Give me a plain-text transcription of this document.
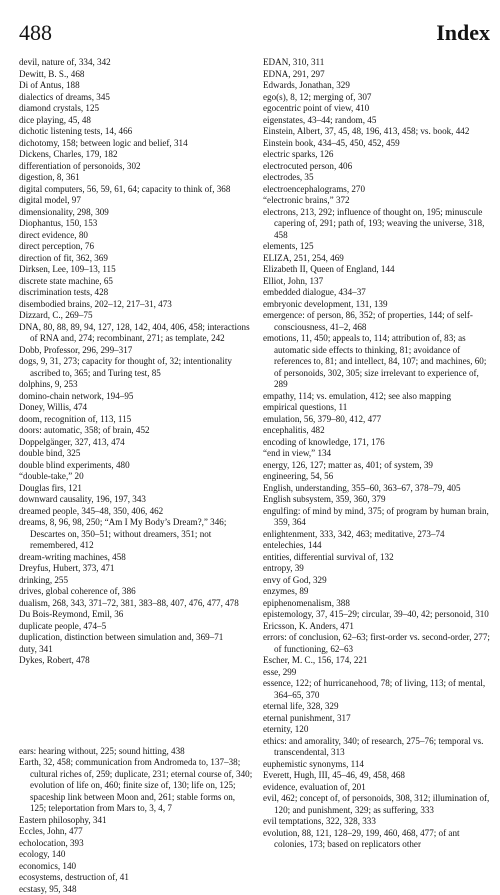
488	Index
devil, nature of, 334, 342
Dewitt, B. S., 468
Di of Antus, 188
dialectics of dreams, 345
diamond crystals, 125
dice playing, 45, 48
dichotic listening tests, 14, 466
dichotomy, 158; between logic and belief, 314
Dickens, Charles, 179, 182
differentiation of personoids, 302
digestion, 8, 361
digital computers, 56, 59, 61, 64; capacity to think of, 368
digital model, 97
dimensionality, 298, 309
Diophantus, 150, 153
direct evidence, 80
direct perception, 76
direction of fit, 362, 369
Dirksen, Lee, 109–13, 115
discrete state machine, 65
discrimination tests, 428
disembodied brains, 202–12, 217–31, 473
Dizzard, C., 269–75
DNA, 80, 88, 89, 94, 127, 128, 142, 404, 406, 458; interactions of RNA and, 274; recombinant, 271; as template, 242
Dobb, Professor, 296, 299–317
dogs, 9, 31, 273; capacity for thought of, 32; intentionality ascribed to, 365; and Turing test, 85
dolphins, 9, 253
domino-chain network, 194–95
Doney, Willis, 474
doom, recognition of, 113, 115
doors: automatic, 358; of brain, 452
Doppelgänger, 327, 413, 474
double bind, 325
double blind experiments, 480
“double-take,” 20
Douglas firs, 121
downward causality, 196, 197, 343
dreamed people, 345–48, 350, 406, 462
dreams, 8, 96, 98, 250; “Am I My Body’s Dream?,” 346; Descartes on, 350–51; without dreamers, 351; not remembered, 412
dream-writing machines, 458
Dreyfus, Hubert, 373, 471
drinking, 255
drives, global coherence of, 386
dualism, 268, 343, 371–72, 381, 383–88, 407, 476, 477, 478
Du Bois-Reymond, Emil, 36
duplicate people, 474–5
duplication, distinction between simulation and, 369–71
duty, 341
Dykes, Robert, 478
ears: hearing without, 225; sound hitting, 438
Earth, 32, 458; communication from Andromeda to, 137–38; cultural riches of, 259; duplicate, 231; eternal course of, 340; evolution of life on, 460; finite size of, 130; life on, 125; spaceship link between Moon and, 261; stable forms on, 125; teleportation from Mars to, 3, 4, 7
Eastern philosophy, 341
Eccles, John, 477
echolocation, 393
ecology, 140
economics, 140
ecosystems, destruction of, 41
ecstasy, 95, 348
EDAN, 310, 311
EDNA, 291, 297
Edwards, Jonathan, 329
ego(s), 8, 12; merging of, 307
egocentric point of view, 410
eigenstates, 43–44; random, 45
Einstein, Albert, 37, 45, 48, 196, 413, 458; vs. book, 442
Einstein book, 434–45, 450, 452, 459
electric sparks, 126
electrocuted person, 406
electrodes, 35
electroencephalograms, 270
“electronic brains,” 372
electrons, 213, 292; influence of thought on, 195; minuscule capering of, 291; path of, 193; weaving the universe, 318, 458
elements, 125
ELIZA, 251, 254, 469
Elizabeth II, Queen of England, 144
Elliot, John, 137
embedded dialogue, 434–37
embryonic development, 131, 139
emergence: of person, 86, 352; of properties, 144; of self-consciousness, 41–2, 468
emotions, 11, 450; appeals to, 114; attribution of, 83; as automatic side effects to thinking, 81; avoidance of references to, 81; and intellect, 84, 107; and machines, 60; of personoids, 302, 305; size irrelevant to experience of, 289
empathy, 114; vs. emulation, 412; see also mapping
empirical questions, 11
emulation, 56, 379–80, 412, 477
encephalitis, 482
encoding of knowledge, 171, 176
“end in view,” 134
energy, 126, 127; matter as, 401; of system, 39
engineering, 54, 56
English, understanding, 355–60, 363–67, 378–79, 405
English subsystem, 359, 360, 379
engulfing: of mind by mind, 375; of program by human brain, 359, 364
enlightenment, 333, 342, 463; meditative, 273–74
entelechies, 144
entities, differential survival of, 132
entropy, 39
envy of God, 329
enzymes, 89
epiphenomenalism, 388
epistemology, 37, 415–29; circular, 39–40, 42; personoid, 310
Ericsson, K. Anders, 471
errors: of conclusion, 62–63; first-order vs. second-order, 277; of functioning, 62–63
Escher, M. C., 156, 174, 221
esse, 299
essence, 122; of hurricanehood, 78; of living, 113; of mental, 364–65, 370
eternal life, 328, 329
eternal punishment, 317
eternity, 120
ethics: and amorality, 340; of research, 275–76; temporal vs. transcendental, 313
euphemistic synonyms, 114
Everett, Hugh, III, 45–46, 49, 458, 468
evidence, evaluation of, 201
evil, 462; concept of, of personoids, 308, 312; illumination of, 120; and punishment, 329; as suffering, 333
evil temptations, 322, 328, 333
evolution, 88, 121, 128–29, 199, 460, 468, 477; of ant colonies, 173; based on replicators other
